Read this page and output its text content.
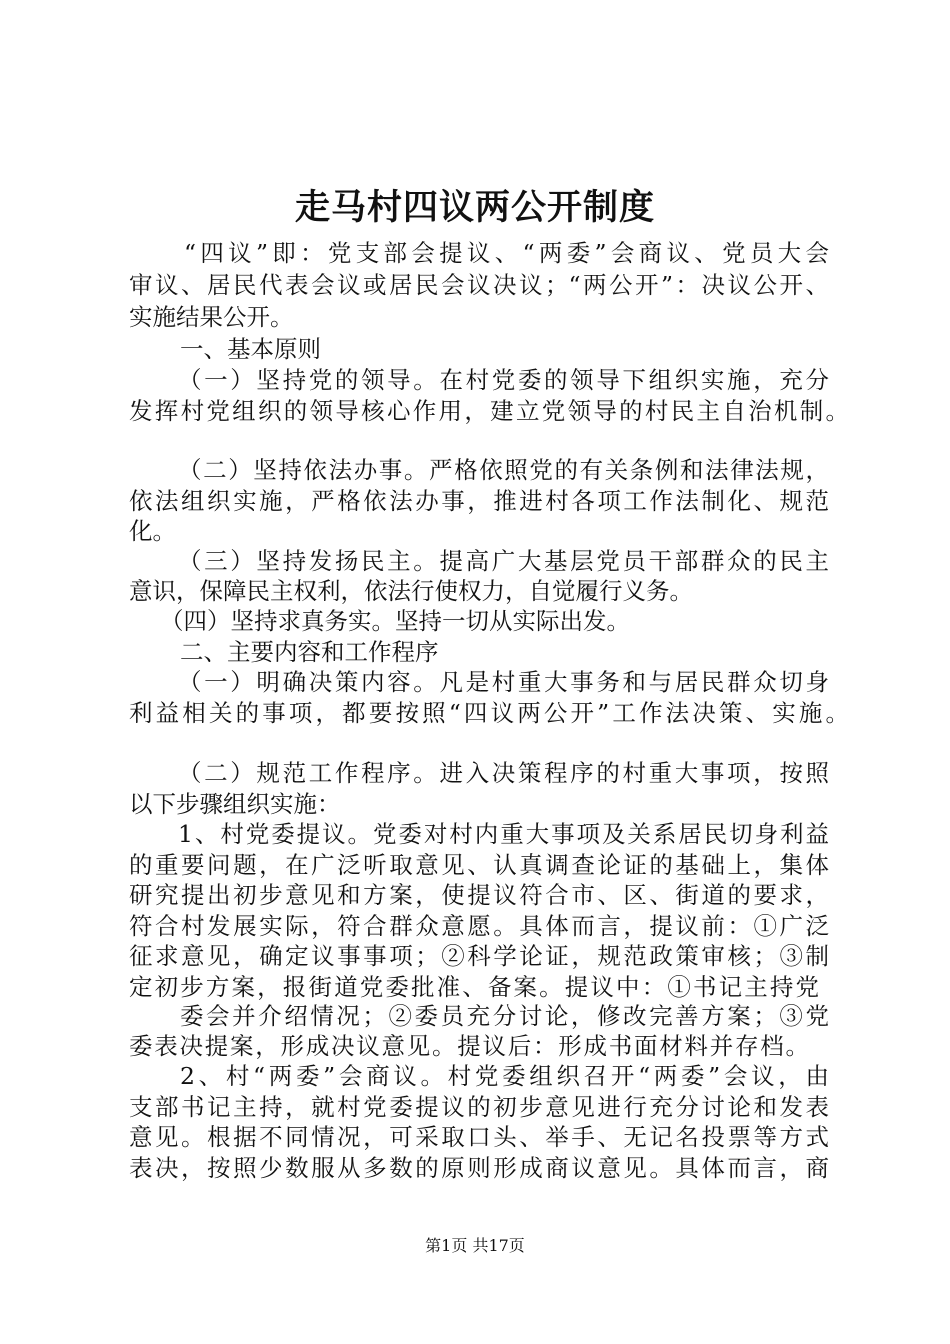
走马村四议两公开制度
“四议”即：党支部会提议、“两委”会商议、党员大会
审议、居民代表会议或居民会议决议；“两公开”：决议公开、
实施结果公开。
一、基本原则
（一）坚持党的领导。在村党委的领导下组织实施，充分
发挥村党组织的领导核心作用，建立党领导的村民主自治机制。
（二）坚持依法办事。严格依照党的有关条例和法律法规，
依法组织实施，严格依法办事，推进村各项工作法制化、规范
化。
（三）坚持发扬民主。提高广大基层党员干部群众的民主
意识，保障民主权利，依法行使权力，自觉履行义务。
（四）坚持求真务实。坚持一切从实际出发。
二、主要内容和工作程序
（一）明确决策内容。凡是村重大事务和与居民群众切身
利益相关的事项，都要按照“四议两公开”工作法决策、实施。
（二）规范工作程序。进入决策程序的村重大事项，按照
以下步骤组织实施：
1、村党委提议。党委对村内重大事项及关系居民切身利益
的重要问题，在广泛听取意见、认真调查论证的基础上，集体
研究提出初步意见和方案，使提议符合市、区、街道的要求，
符合村发展实际，符合群众意愿。具体而言，提议前：①广泛
征求意见，确定议事事项；②科学论证，规范政策审核；③制
定初步方案，报街道党委批准、备案。提议中：①书记主持党
委会并介绍情况；②委员充分讨论，修改完善方案；③党
委表决提案，形成决议意见。提议后：形成书面材料并存档。
2、村“两委”会商议。村党委组织召开“两委”会议，由
支部书记主持，就村党委提议的初步意见进行充分讨论和发表
意见。根据不同情况，可采取口头、举手、无记名投票等方式
表决，按照少数服从多数的原则形成商议意见。具体而言，商
第1页 共17页
